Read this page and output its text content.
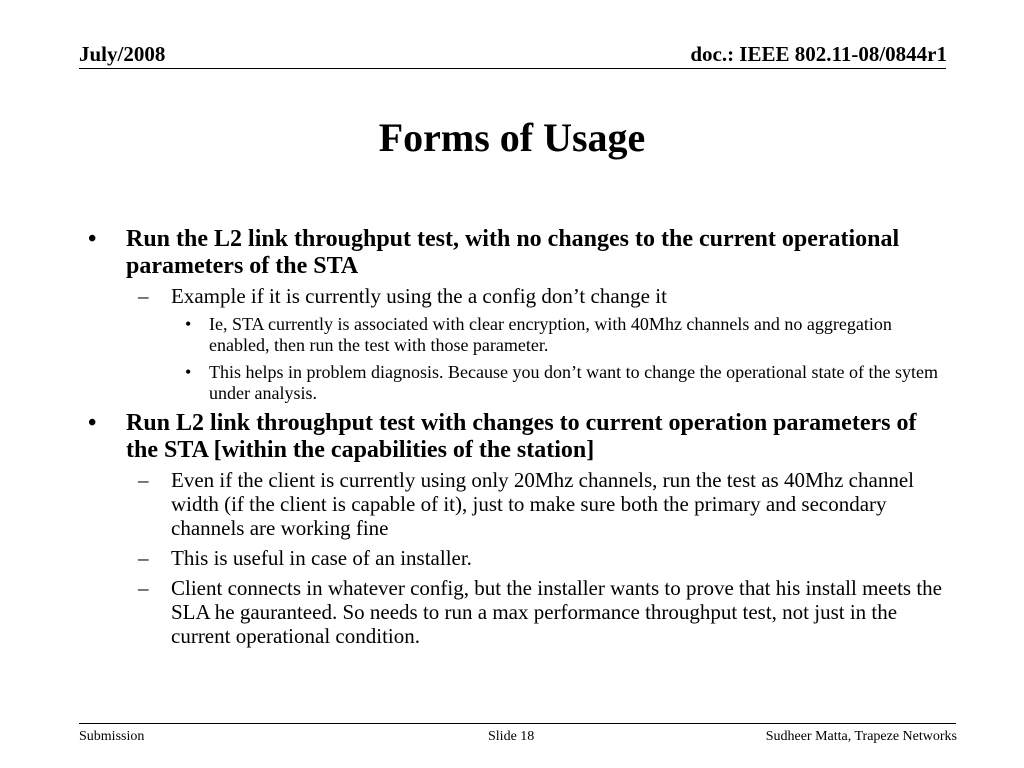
July/2008	doc.: IEEE 802.11-08/0844r1
Forms of Usage
• Run the L2 link throughput test, with no changes to the current operational parameters of the STA
– Example if it is currently using the a config don’t change it
• Ie, STA currently is associated with clear encryption, with 40Mhz channels and no aggregation enabled, then run the test with those parameter.
• This helps in problem diagnosis. Because you don’t want to change the operational state of the sytem under analysis.
• Run L2 link throughput test with changes to current operation parameters of the STA [within the capabilities of the station]
– Even if the client is currently using only 20Mhz channels, run the test as 40Mhz channel width (if the client is capable of it), just to make sure both the primary and secondary channels are working fine
– This is useful in case of an installer.
– Client connects in whatever config, but the installer wants to prove that his install meets the SLA he gauranteed. So needs to run a max performance throughput test, not just in the current operational condition.
Submission	Slide 18	Sudheer Matta, Trapeze Networks
